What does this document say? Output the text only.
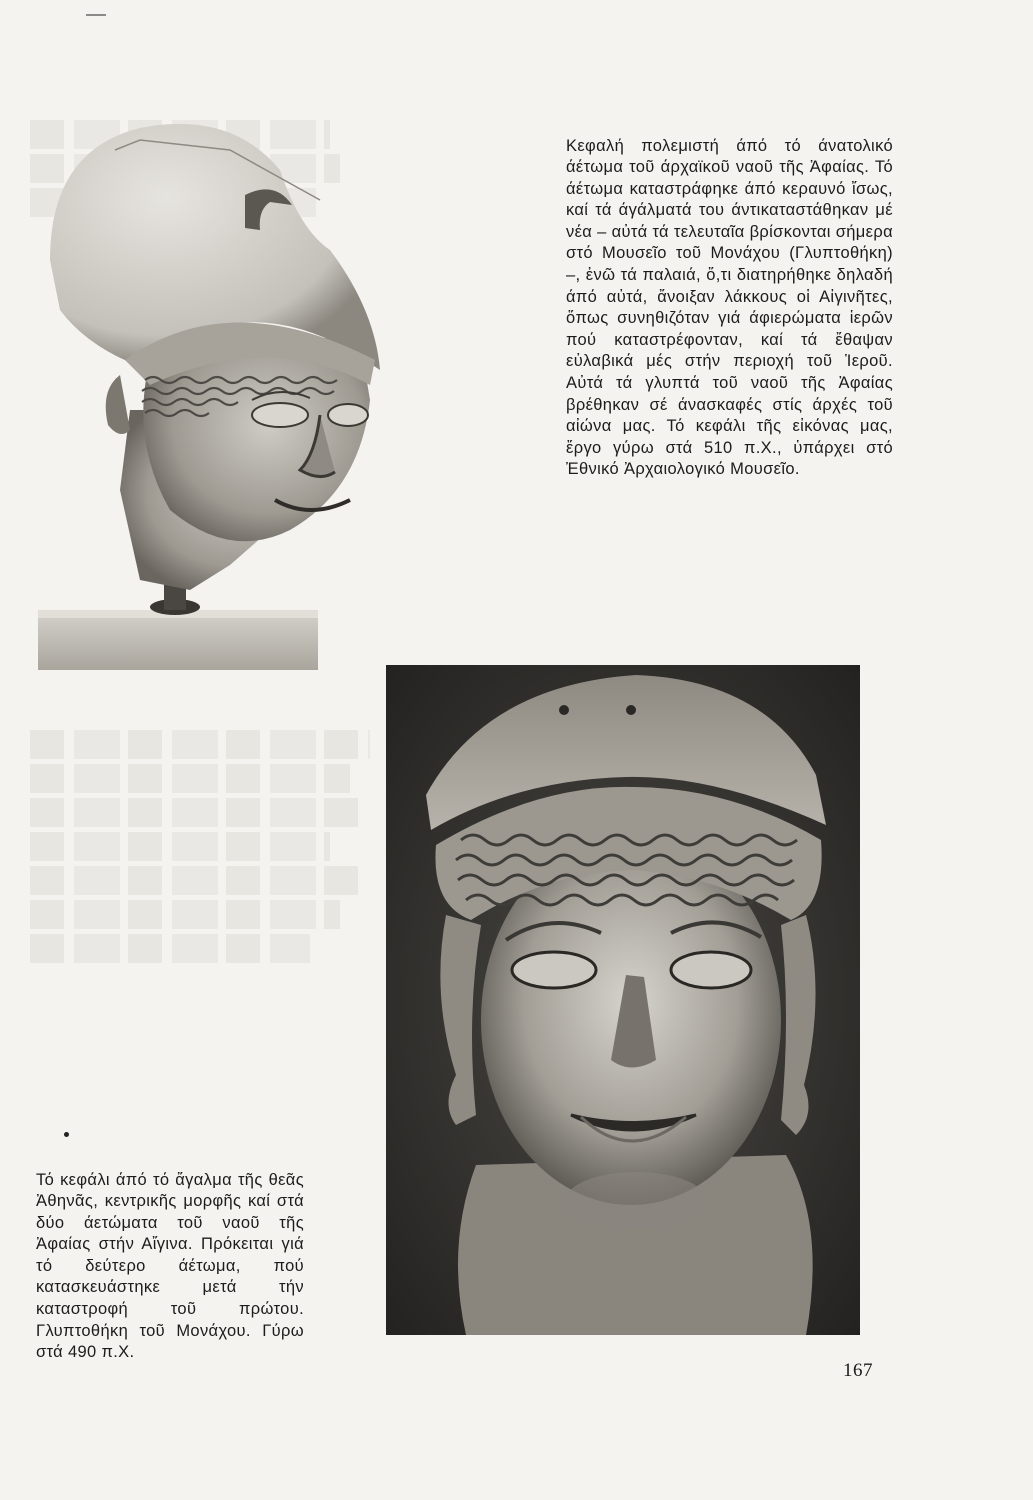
Κεφαλή πολεμιστή άπό τό άνατολικό άέτωμα τοῦ άρχαϊκοῦ ναοῦ τῆς Ἀφαίας. Τό άέτωμα καταστράφηκε άπό κεραυνό ἴσως, καί τά άγάλματά του άντικαταστάθηκαν μέ νέα – αὐτά τά τελευταῖα βρίσκονται σήμερα στό Μουσεῖο τοῦ Μονάχου (Γλυπτοθήκη) –, ἐνῶ τά παλαιά, ὅ,τι διατηρήθηκε δηλαδή άπό αὐτά, ἄνοιξαν λάκκους οἱ Αἰγινῆτες, ὅπως συνηθιζόταν γιά άφιερώματα ἱερῶν πού καταστρέφονταν, καί τά ἔθαψαν εὐλαβικά μές στήν περιοχή τοῦ Ἱεροῦ. Αὐτά τά γλυπτά τοῦ ναοῦ τῆς Ἀφαίας βρέθηκαν σέ άνασκαφές στίς άρχές τοῦ αἰώνα μας. Τό κεφάλι τῆς εἰκόνας μας, ἔργο γύρω στά 510 π.Χ., ὑπάρχει στό Ἐθνικό Ἀρχαιολογικό Μουσεῖο.

Τό κεφάλι άπό τό ἄγαλμα τῆς θεᾶς Ἀθηνᾶς, κεντρικῆς μορφῆς καί στά δύο άετώματα τοῦ ναοῦ τῆς Ἀφαίας στήν Αἴγινα. Πρόκειται γιά τό δεύτερο άέτωμα, πού κατασκευάστηκε μετά τήν καταστροφή τοῦ πρώτου. Γλυπτοθήκη τοῦ Μονάχου. Γύρω στά 490 π.Χ.

167
